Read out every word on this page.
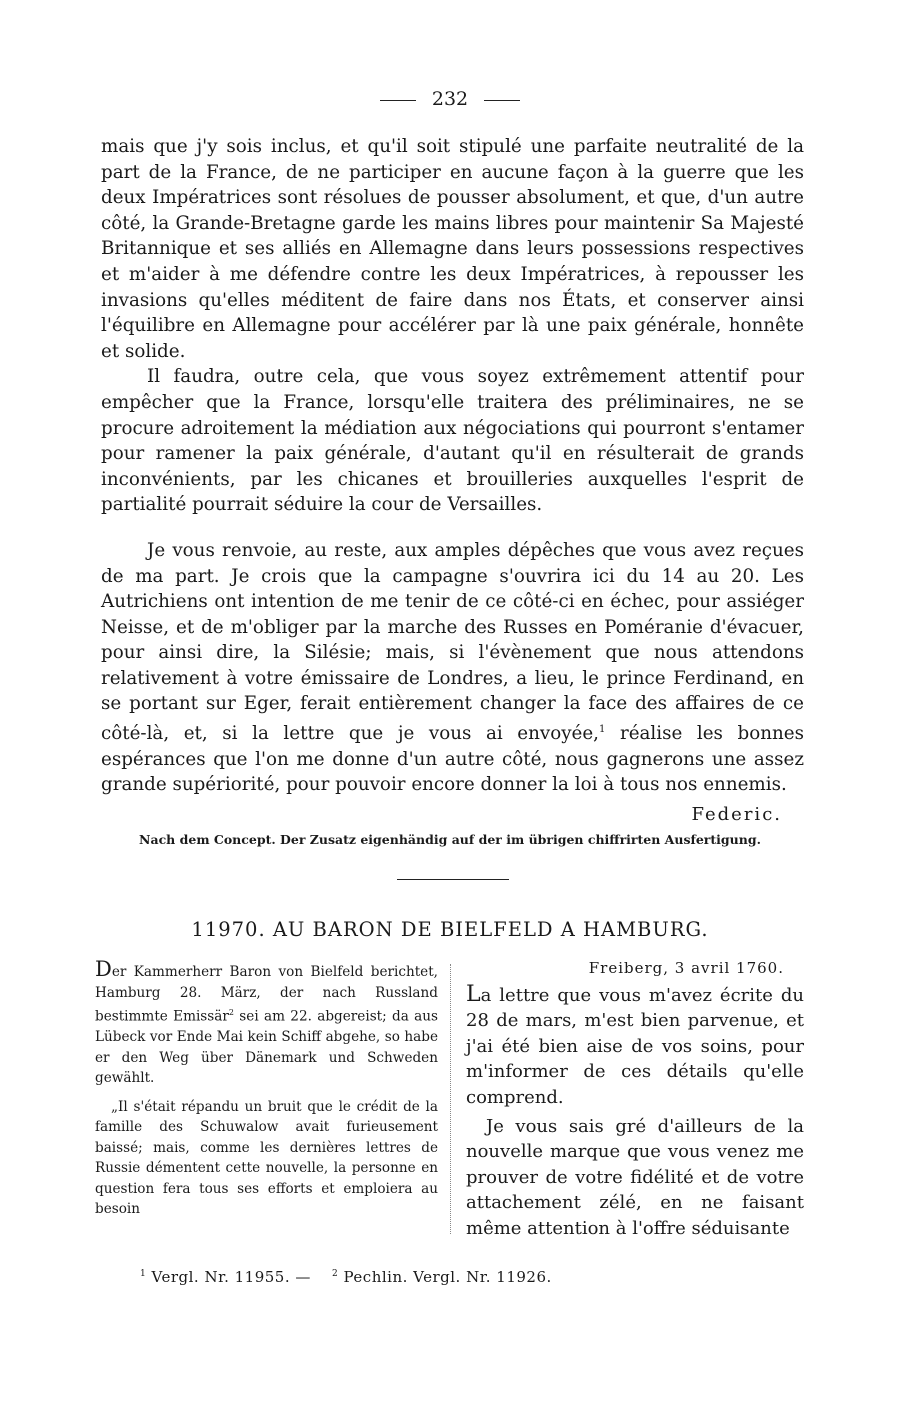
232

mais que j'y sois inclus, et qu'il soit stipulé une parfaite neutralité de la part de la France, de ne participer en aucune façon à la guerre que les deux Impératrices sont résolues de pousser absolument, et que, d'un autre côté, la Grande-Bretagne garde les mains libres pour maintenir Sa Majesté Britannique et ses alliés en Allemagne dans leurs possessions respectives et m'aider à me défendre contre les deux Impératrices, à repousser les invasions qu'elles méditent de faire dans nos États, et conserver ainsi l'équilibre en Allemagne pour accélérer par là une paix générale, honnête et solide.

Il faudra, outre cela, que vous soyez extrêmement attentif pour empêcher que la France, lorsqu'elle traitera des préliminaires, ne se procure adroitement la médiation aux négociations qui pourront s'entamer pour ramener la paix générale, d'autant qu'il en résulterait de grands inconvénients, par les chicanes et brouilleries auxquelles l'esprit de partialité pourrait séduire la cour de Versailles.

Je vous renvoie, au reste, aux amples dépêches que vous avez reçues de ma part. Je crois que la campagne s'ouvrira ici du 14 au 20. Les Autrichiens ont intention de me tenir de ce côté-ci en échec, pour assiéger Neisse, et de m'obliger par la marche des Russes en Poméranie d'évacuer, pour ainsi dire, la Silésie; mais, si l'évènement que nous attendons relativement à votre émissaire de Londres, a lieu, le prince Ferdinand, en se portant sur Eger, ferait entièrement changer la face des affaires de ce côté-là, et, si la lettre que je vous ai envoyée,$^1$ réalise les bonnes espérances que l'on me donne d'un autre côté, nous gagnerons une assez grande supériorité, pour pouvoir encore donner la loi à tous nos ennemis.

Federic.
Nach dem Concept. Der Zusatz eigenhändig auf der im übrigen chiffrirten Ausfertigung.
11970. AU BARON DE BIELFELD A HAMBURG.

Der Kammerherr Baron von Bielfeld berichtet, Hamburg 28. März, der nach Russland bestimmte Emissär$^2$ sei am 22. abgereist; da aus Lübeck vor Ende Mai kein Schiff abgehe, so habe er den Weg über Dänemark und Schweden gewählt.

„Il s'était répandu un bruit que le crédit de la famille des Schuwalow avait furieusement baissé; mais, comme les dernières lettres de Russie démentent cette nouvelle, la personne en question fera tous ses efforts et emploiera au besoin

Freiberg, 3 avril 1760.

La lettre que vous m'avez écrite du 28 de mars, m'est bien parvenue, et j'ai été bien aise de vos soins, pour m'informer de ces détails qu'elle comprend.

Je vous sais gré d'ailleurs de la nouvelle marque que vous venez me prouver de votre fidélité et de votre attachement zélé, en ne faisant même attention à l'offre séduisante

$^1$ Vergl. Nr. 11955. — $^2$ Pechlin. Vergl. Nr. 11926.
